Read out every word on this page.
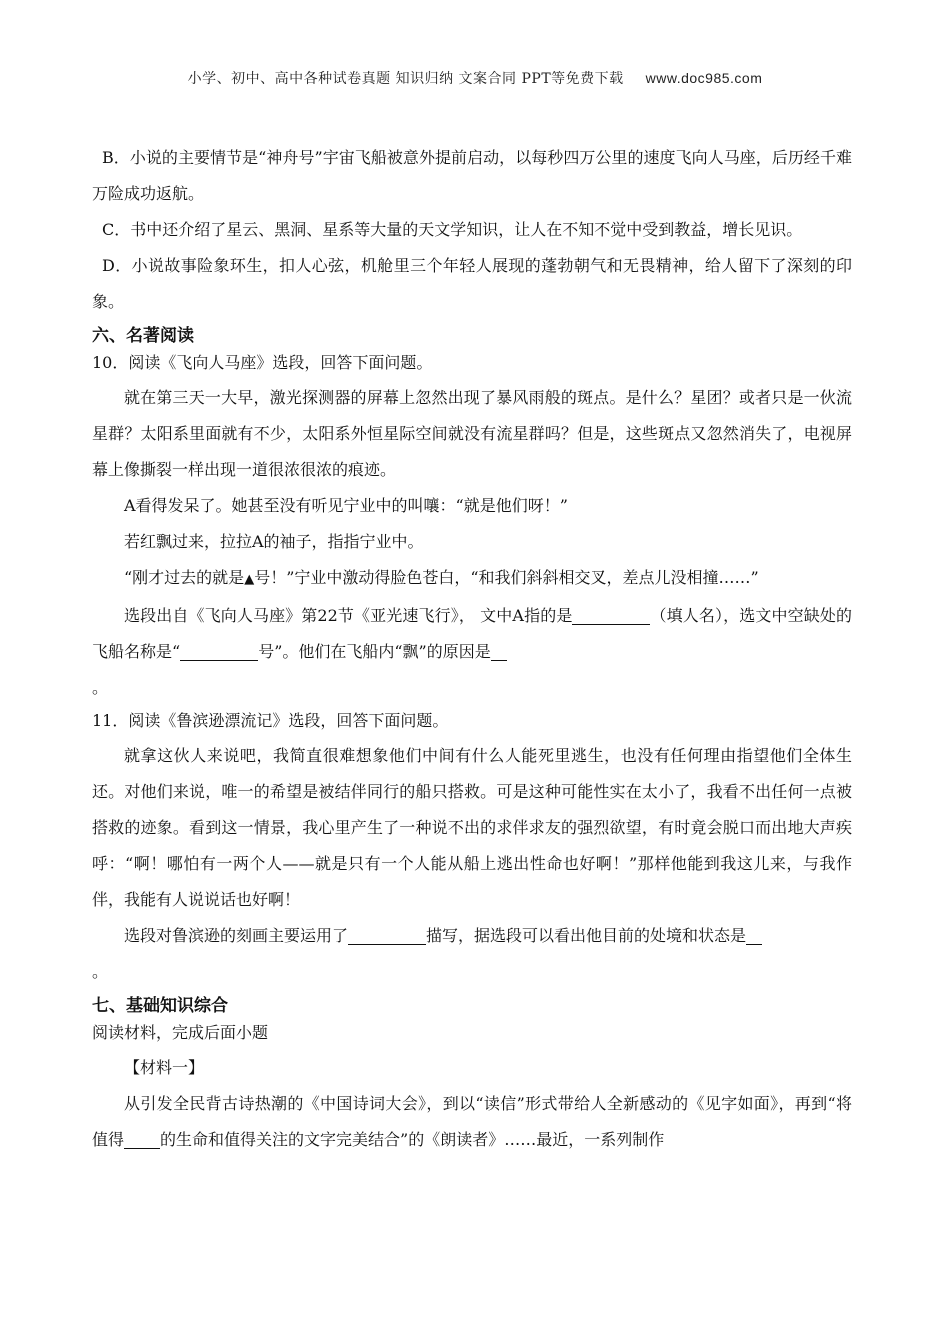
小学、初中、高中各种试卷真题 知识归纳 文案合同 PPT等免费下载 www.doc985.com

B．小说的主要情节是“神舟号”宇宙飞船被意外提前启动，以每秒四万公里的速度飞向人马座，后历经千难万险成功返航。

C．书中还介绍了星云、黑洞、星系等大量的天文学知识，让人在不知不觉中受到教益，增长见识。

D．小说故事险象环生，扣人心弦，机舱里三个年轻人展现的蓬勃朝气和无畏精神，给人留下了深刻的印象。

六、名著阅读

10．阅读《飞向人马座》选段，回答下面问题。

就在第三天一大早，激光探测器的屏幕上忽然出现了暴风雨般的斑点。是什么？星团？或者只是一伙流星群？太阳系里面就有不少，太阳系外恒星际空间就没有流星群吗？但是，这些斑点又忽然消失了，电视屏幕上像撕裂一样出现一道很浓很浓的痕迹。

A看得发呆了。她甚至没有听见宁业中的叫嚷：“就是他们呀！”

若红飘过来，拉拉A的袖子，指指宁业中。

“刚才过去的就是▲号！”宁业中激动得脸色苍白，“和我们斜斜相交叉，差点儿没相撞……”

选段出自《飞向人马座》第22节《亚光速飞行》， 文中A指的是	（填人名），选文中空缺处的飞船名称是“	号”。他们在飞船内“飘”的原因是

。

11．阅读《鲁滨逊漂流记》选段，回答下面问题。

就拿这伙人来说吧，我简直很难想象他们中间有什么人能死里逃生，也没有任何理由指望他们全体生还。对他们来说，唯一的希望是被结伴同行的船只搭救。可是这种可能性实在太小了，我看不出任何一点被搭救的迹象。看到这一情景，我心里产生了一种说不出的求伴求友的强烈欲望，有时竟会脱口而出地大声疾呼：“啊！哪怕有一两个人——就是只有一个人能从船上逃出性命也好啊！”那样他能到我这儿来，与我作伴，我能有人说说话也好啊！

选段对鲁滨逊的刻画主要运用了	描写，据选段可以看出他目前的处境和状态是

。

七、基础知识综合

阅读材料，完成后面小题

【材料一】

从引发全民背古诗热潮的《中国诗词大会》，到以“读信”形式带给人全新感动的《见字如面》，再到“将值得 的生命和值得关注的文字完美结合”的《朗读者》……最近，一系列制作
